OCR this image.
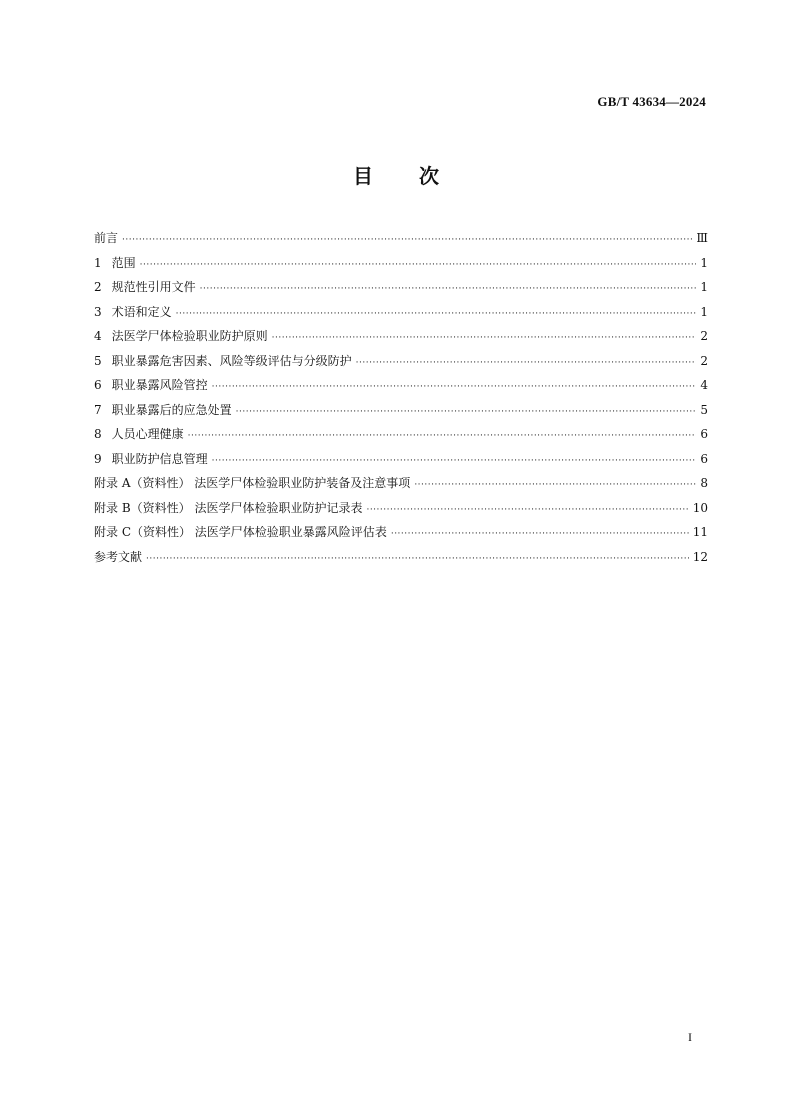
GB/T 43634—2024
目 次
前言 ·····	Ⅲ
1 范围 ·····	1
2 规范性引用文件 ·····	1
3 术语和定义 ·····	1
4 法医学尸体检验职业防护原则 ·····	2
5 职业暴露危害因素、风险等级评估与分级防护 ·····	2
6 职业暴露风险管控 ·····	4
7 职业暴露后的应急处置 ·····	5
8 人员心理健康 ·····	6
9 职业防护信息管理 ·····	6
附录 A（资料性） 法医学尸体检验职业防护装备及注意事项 ·····	8
附录 B（资料性） 法医学尸体检验职业防护记录表 ·····	10
附录 C（资料性） 法医学尸体检验职业暴露风险评估表 ·····	11
参考文献 ·····	12
I
